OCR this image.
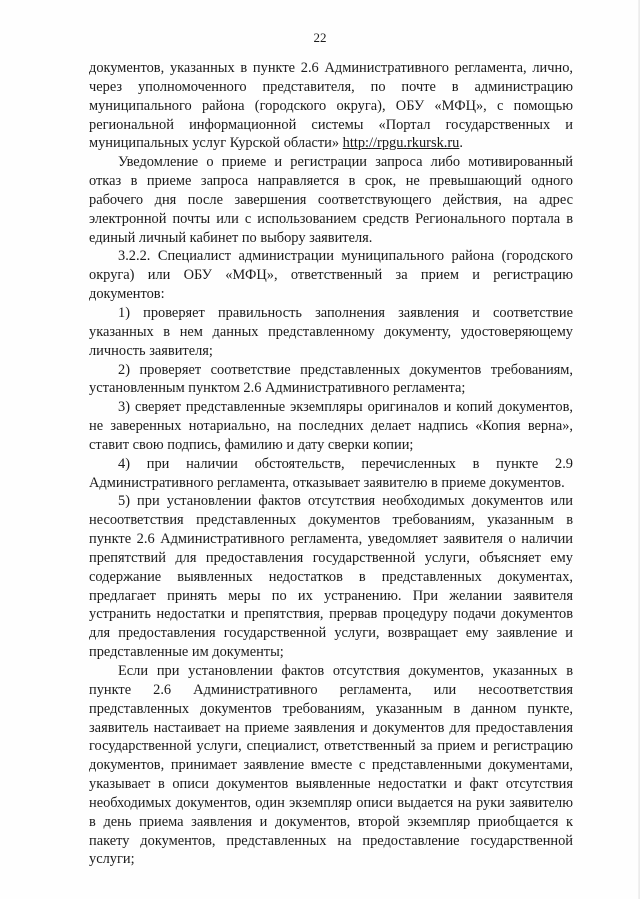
22

документов, указанных в пункте 2.6 Административного регламента, лично, через уполномоченного представителя, по почте в администрацию муниципального района (городского округа), ОБУ «МФЦ», с помощью региональной информационной системы «Портал государственных и муниципальных услуг Курской области» http://rpgu.rkursk.ru.

Уведомление о приеме и регистрации запроса либо мотивированный отказ в приеме запроса направляется в срок, не превышающий одного рабочего дня после завершения соответствующего действия, на адрес электронной почты или с использованием средств Регионального портала в единый личный кабинет по выбору заявителя.

3.2.2. Специалист администрации муниципального района (городского округа) или ОБУ «МФЦ», ответственный за прием и регистрацию документов:

1) проверяет правильность заполнения заявления и соответствие указанных в нем данных представленному документу, удостоверяющему личность заявителя;

2) проверяет соответствие представленных документов требованиям, установленным пунктом 2.6 Административного регламента;

3) сверяет представленные экземпляры оригиналов и копий документов, не заверенных нотариально, на последних делает надпись «Копия верна», ставит свою подпись, фамилию и дату сверки копии;

4) при наличии обстоятельств, перечисленных в пункте 2.9 Административного регламента, отказывает заявителю в приеме документов.

5) при установлении фактов отсутствия необходимых документов или несоответствия представленных документов требованиям, указанным в пункте 2.6 Административного регламента, уведомляет заявителя о наличии препятствий для предоставления государственной услуги, объясняет ему содержание выявленных недостатков в представленных документах, предлагает принять меры по их устранению. При желании заявителя устранить недостатки и препятствия, прервав процедуру подачи документов для предоставления государственной услуги, возвращает ему заявление и представленные им документы;

Если при установлении фактов отсутствия документов, указанных в пункте 2.6 Административного регламента, или несоответствия представленных документов требованиям, указанным в данном пункте, заявитель настаивает на приеме заявления и документов для предоставления государственной услуги, специалист, ответственный за прием и регистрацию документов, принимает заявление вместе с представленными документами, указывает в описи документов выявленные недостатки и факт отсутствия необходимых документов, один экземпляр описи выдается на руки заявителю в день приема заявления и документов, второй экземпляр приобщается к пакету документов, представленных на предоставление государственной услуги;
